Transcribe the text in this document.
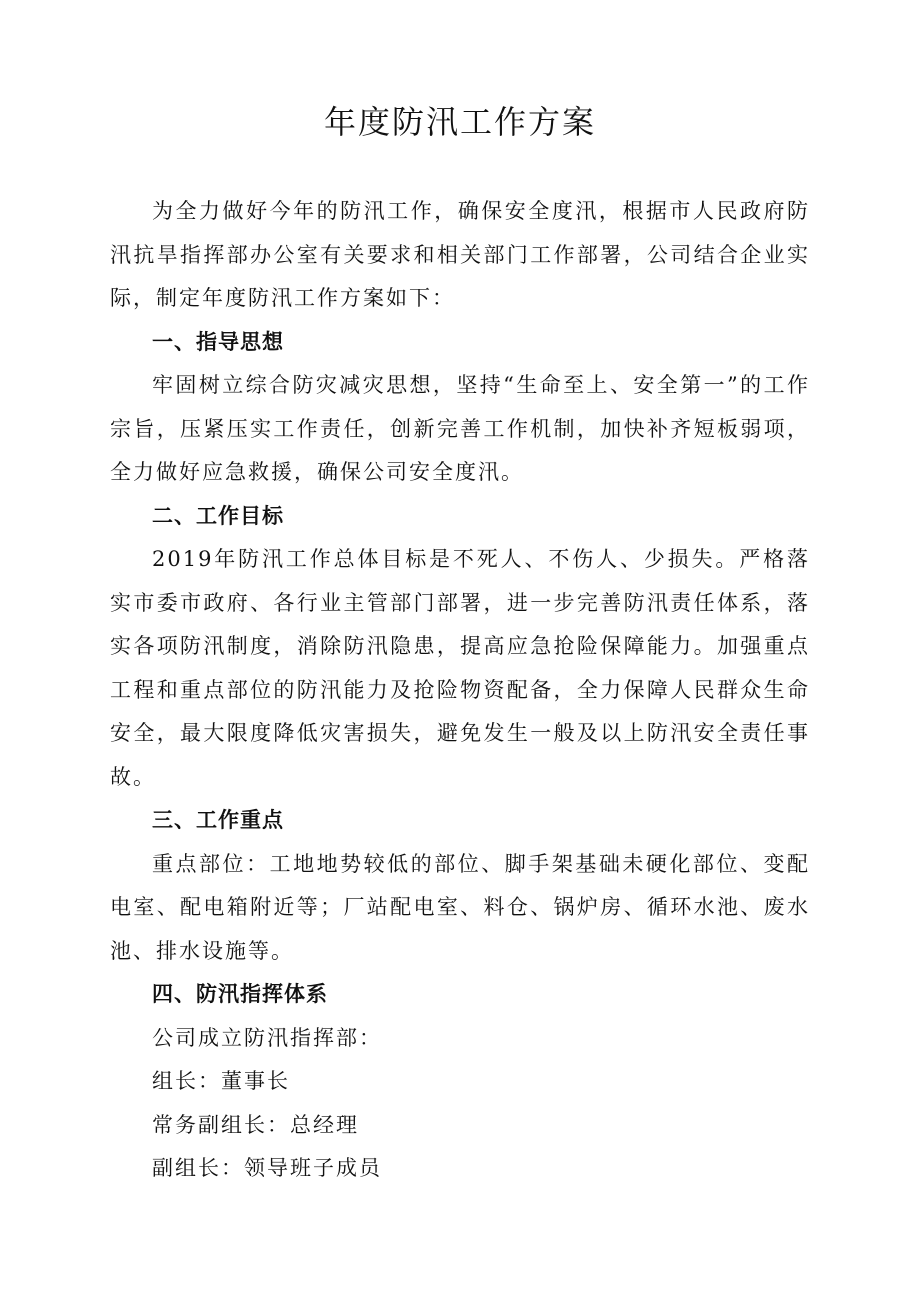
年度防汛工作方案

为全力做好今年的防汛工作，确保安全度汛，根据市人民政府防汛抗旱指挥部办公室有关要求和相关部门工作部署，公司结合企业实际，制定年度防汛工作方案如下：

一、指导思想

牢固树立综合防灾减灾思想，坚持“生命至上、安全第一”的工作宗旨，压紧压实工作责任，创新完善工作机制，加快补齐短板弱项，全力做好应急救援，确保公司安全度汛。

二、工作目标

2019年防汛工作总体目标是不死人、不伤人、少损失。严格落实市委市政府、各行业主管部门部署，进一步完善防汛责任体系，落实各项防汛制度，消除防汛隐患，提高应急抢险保障能力。加强重点工程和重点部位的防汛能力及抢险物资配备，全力保障人民群众生命安全，最大限度降低灾害损失，避免发生一般及以上防汛安全责任事故。

三、工作重点

重点部位：工地地势较低的部位、脚手架基础未硬化部位、变配电室、配电箱附近等；厂站配电室、料仓、锅炉房、循环水池、废水池、排水设施等。

四、防汛指挥体系

公司成立防汛指挥部：

组长：董事长

常务副组长：总经理

副组长：领导班子成员
